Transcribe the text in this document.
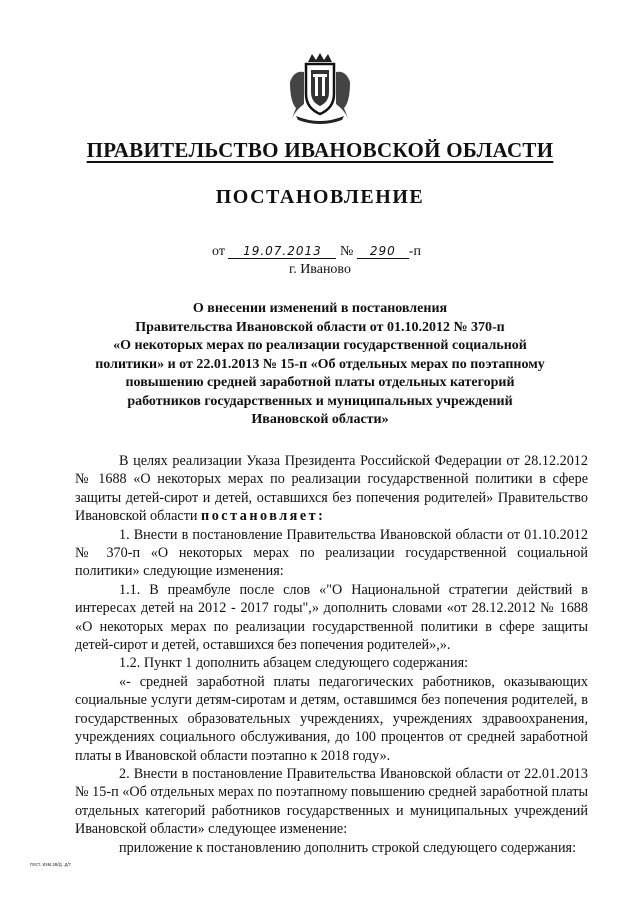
ПРАВИТЕЛЬСТВО ИВАНОВСКОЙ ОБЛАСТИ
ПОСТАНОВЛЕНИЕ
от 19.07.2013 № 290 -п
г. Иваново
О внесении изменений в постановления
Правительства Ивановской области от 01.10.2012 № 370-п
«О некоторых мерах по реализации государственной социальной
политики» и от 22.01.2013 № 15-п «Об отдельных мерах по поэтапному
повышению средней заработной платы отдельных категорий
работников государственных и муниципальных учреждений
Ивановской области»

В целях реализации Указа Президента Российской Федерации от 28.12.2012 № 1688 «О некоторых мерах по реализации государственной политики в сфере защиты детей-сирот и детей, оставшихся без попечения родителей» Правительство Ивановской области постановляет:

1. Внести в постановление Правительства Ивановской области от 01.10.2012 № 370-п «О некоторых мерах по реализации государственной социальной политики» следующие изменения:

1.1. В преамбуле после слов «"О Национальной стратегии действий в интересах детей на 2012 - 2017 годы",» дополнить словами «от 28.12.2012 № 1688 «О некоторых мерах по реализации государственной политики в сфере защиты детей-сирот и детей, оставшихся без попечения родителей»,».

1.2. Пункт 1 дополнить абзацем следующего содержания:

«- средней заработной платы педагогических работников, оказывающих социальные услуги детям-сиротам и детям, оставшимся без попечения родителей, в государственных образовательных учреждениях, учреждениях здравоохранения, учреждениях социального обслуживания, до 100 процентов от средней заработной платы в Ивановской области поэтапно к 2018 году».

2. Внести в постановление Правительства Ивановской области от 22.01.2013 № 15-п «Об отдельных мерах по поэтапному повышению средней заработной платы отдельных категорий работников государственных и муниципальных учреждений Ивановской области» следующее изменение:

приложение к постановлению дополнить строкой следующего содержания:

пост. изм.зв/д. д/т
